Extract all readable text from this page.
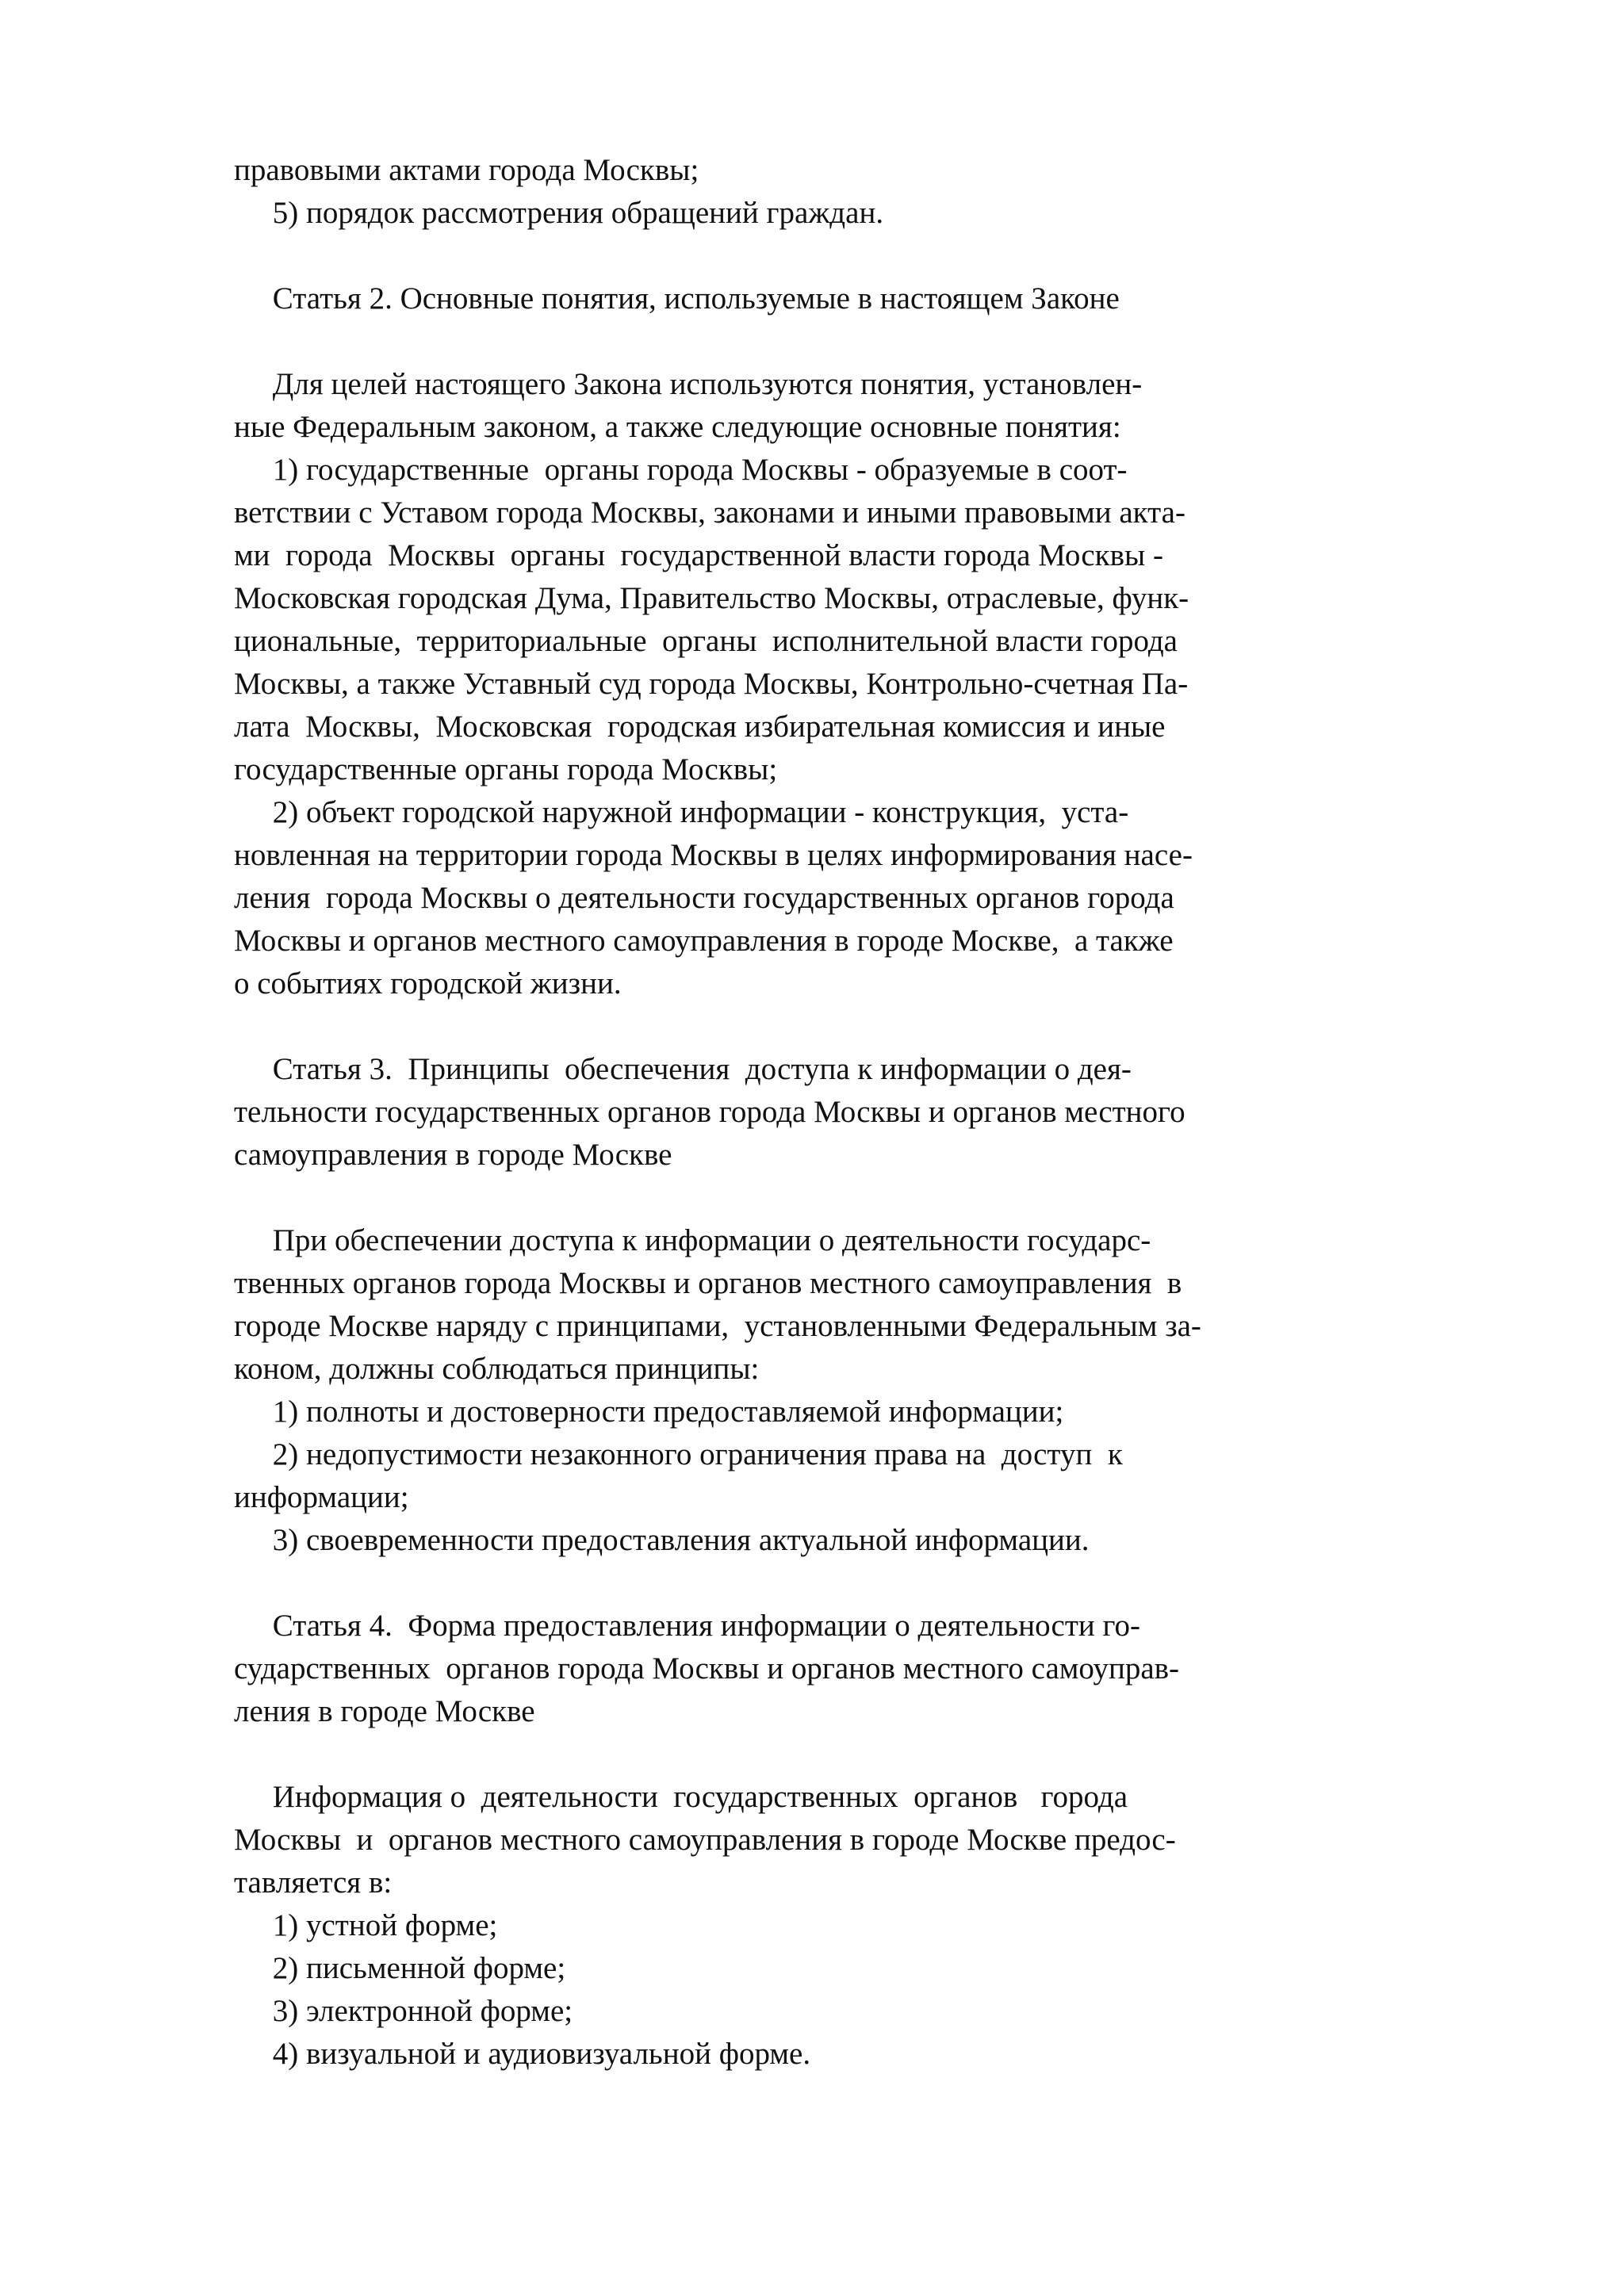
правовыми актами города Москвы;
5) порядок рассмотрения обращений граждан.
Статья 2. Основные понятия, используемые в настоящем Законе
Для целей настоящего Закона используются понятия, установлен-
ные Федеральным законом, а также следующие основные понятия:
1) государственные  органы города Москвы - образуемые в соот-
ветствии с Уставом города Москвы, законами и иными правовыми акта-
ми  города  Москвы  органы  государственной власти города Москвы -
Московская городская Дума, Правительство Москвы, отраслевые, функ-
циональные,  территориальные  органы  исполнительной власти города
Москвы, а также Уставный суд города Москвы, Контрольно-счетная Па-
лата  Москвы,  Московская  городская избирательная комиссия и иные
государственные органы города Москвы;
2) объект городской наружной информации - конструкция,  уста-
новленная на территории города Москвы в целях информирования насе-
ления  города Москвы о деятельности государственных органов города
Москвы и органов местного самоуправления в городе Москве,  а также
о событиях городской жизни.
Статья 3.  Принципы  обеспечения  доступа к информации о дея-
тельности государственных органов города Москвы и органов местного
самоуправления в городе Москве
При обеспечении доступа к информации о деятельности государс-
твенных органов города Москвы и органов местного самоуправления  в
городе Москве наряду с принципами,  установленными Федеральным за-
коном, должны соблюдаться принципы:
1) полноты и достоверности предоставляемой информации;
2) недопустимости незаконного ограничения права на  доступ  к
информации;
3) своевременности предоставления актуальной информации.
Статья 4.  Форма предоставления информации о деятельности го-
сударственных  органов города Москвы и органов местного самоуправ-
ления в городе Москве
Информация о  деятельности  государственных  органов   города
Москвы  и  органов местного самоуправления в городе Москве предос-
тавляется в:
1) устной форме;
2) письменной форме;
3) электронной форме;
4) визуальной и аудиовизуальной форме.
